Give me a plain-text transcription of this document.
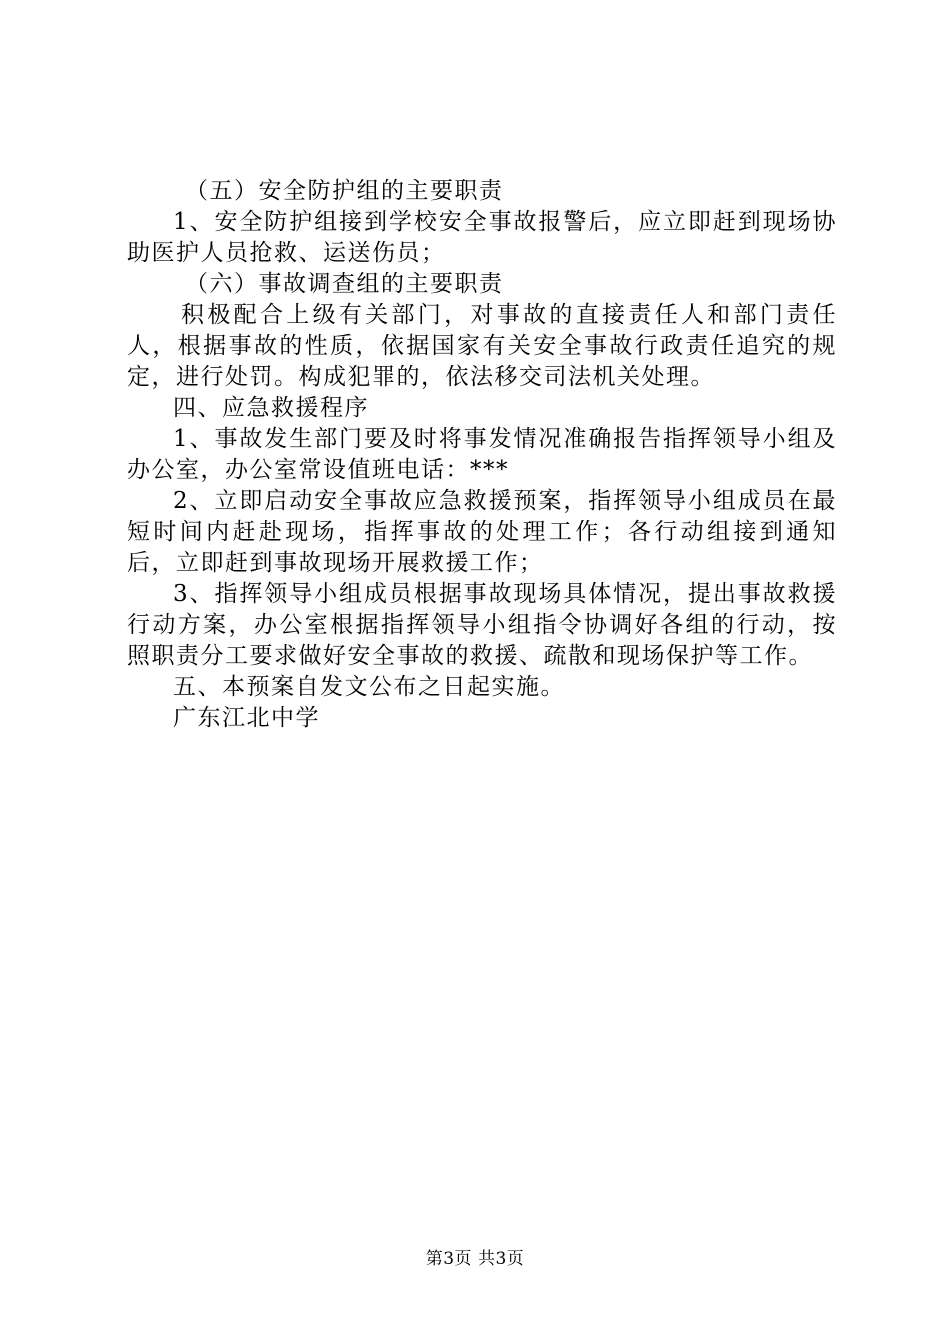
（五）安全防护组的主要职责

1、安全防护组接到学校安全事故报警后，应立即赶到现场协助医护人员抢救、运送伤员；

（六）事故调查组的主要职责

积极配合上级有关部门，对事故的直接责任人和部门责任人，根据事故的性质，依据国家有关安全事故行政责任追究的规定，进行处罚。构成犯罪的，依法移交司法机关处理。

四、应急救援程序

1、事故发生部门要及时将事发情况准确报告指挥领导小组及办公室，办公室常设值班电话：***

2、立即启动安全事故应急救援预案，指挥领导小组成员在最短时间内赶赴现场，指挥事故的处理工作；各行动组接到通知后，立即赶到事故现场开展救援工作；

3、指挥领导小组成员根据事故现场具体情况，提出事故救援行动方案，办公室根据指挥领导小组指令协调好各组的行动，按照职责分工要求做好安全事故的救援、疏散和现场保护等工作。

五、本预案自发文公布之日起实施。

广东江北中学

第3页 共3页
